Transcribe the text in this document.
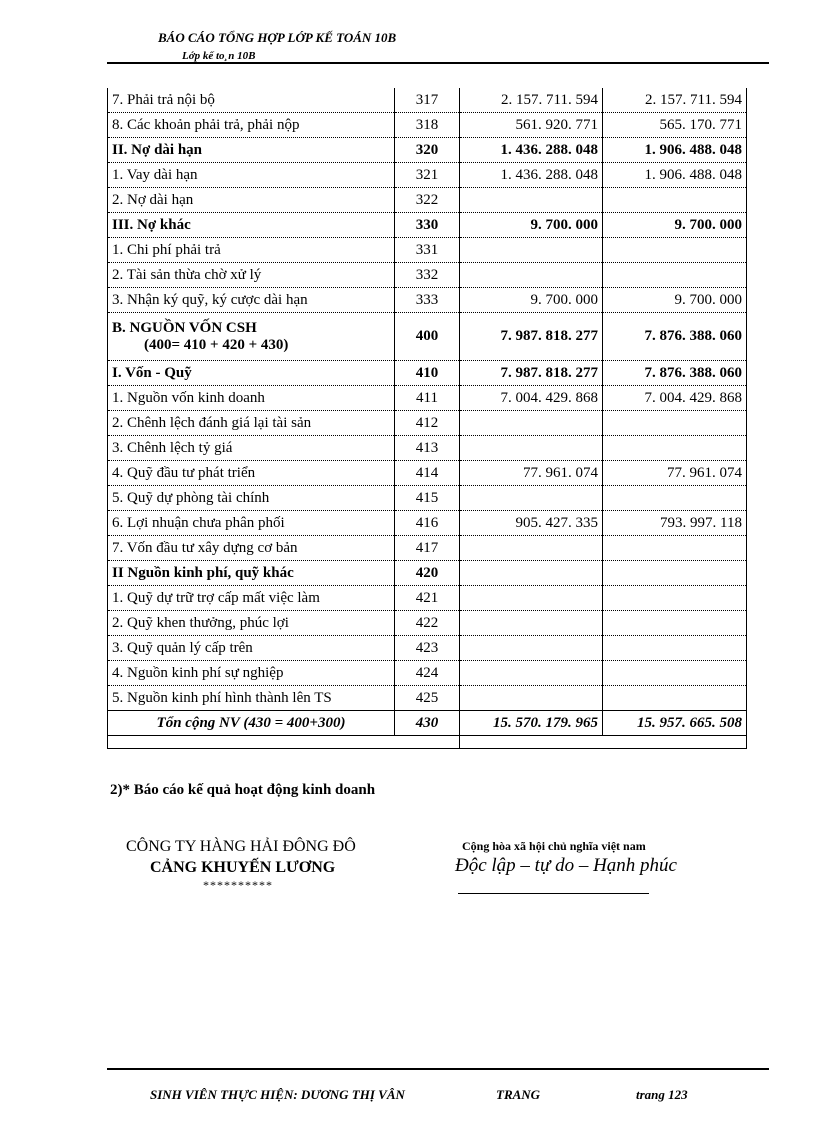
BÁO CÁO TỔNG HỢP LỚP KẾ TOÁN 10B
Lớp kế to¸n 10B
7. Phải trả nội bộ	317	2. 157. 711. 594	2. 157. 711. 594
8. Các khoản phải trả, phải nộp	318	561. 920. 771	565. 170. 771
II. Nợ dài hạn	320	1. 436. 288. 048	1. 906. 488. 048
1. Vay dài hạn	321	1. 436. 288. 048	1. 906. 488. 048
2. Nợ dài hạn	322		
III. Nợ khác	330	9. 700. 000	9. 700. 000
1. Chi phí phải trả	331		
2. Tài sản thừa chờ xử lý	332		
3. Nhận ký quỹ, ký cược dài hạn	333	9. 700. 000	9. 700. 000

B. NGUỒN VỐN CSH
(400= 410 + 420 + 430)	400	7. 987. 818. 277	7. 876. 388. 060
I. Vốn - Quỹ	410	7. 987. 818. 277	7. 876. 388. 060
1. Nguồn vốn kinh doanh	411	7. 004. 429. 868	7. 004. 429. 868
2. Chênh lệch đánh giá lại tài sản	412		
3. Chênh lệch tỷ giá	413		
4. Quỹ đầu tư phát triển	414	77. 961. 074	77. 961. 074
5. Quỹ dự phòng tài chính	415		
6. Lợi nhuận chưa phân phối	416	905. 427. 335	793. 997. 118
7. Vốn đầu tư xây dựng cơ bản	417		
II Nguồn kinh phí, quỹ khác	420		
1. Quỹ dự trữ trợ cấp mất việc làm	421		
2. Quỹ khen thưởng, phúc lợi	422		
3. Quỹ quản lý cấp trên	423		
4. Nguồn kinh phí sự nghiệp	424		
5. Nguồn kinh phí hình thành lên TS	425		
Tổn cộng NV (430 = 400+300)	430	15. 570. 179. 965	15. 957. 665. 508

2)* Báo cáo kế quả hoạt động kinh doanh
CÔNG TY HÀNG HẢI ĐÔNG ĐÔ
CẢNG KHUYẾN LƯƠNG
**********
Cộng hòa xã hội chủ nghĩa việt nam
Độc lập – tự do – Hạnh phúc
SINH VIÊN THỰC HIỆN: DƯƠNG THỊ VÂN	TRANG	trang 123
